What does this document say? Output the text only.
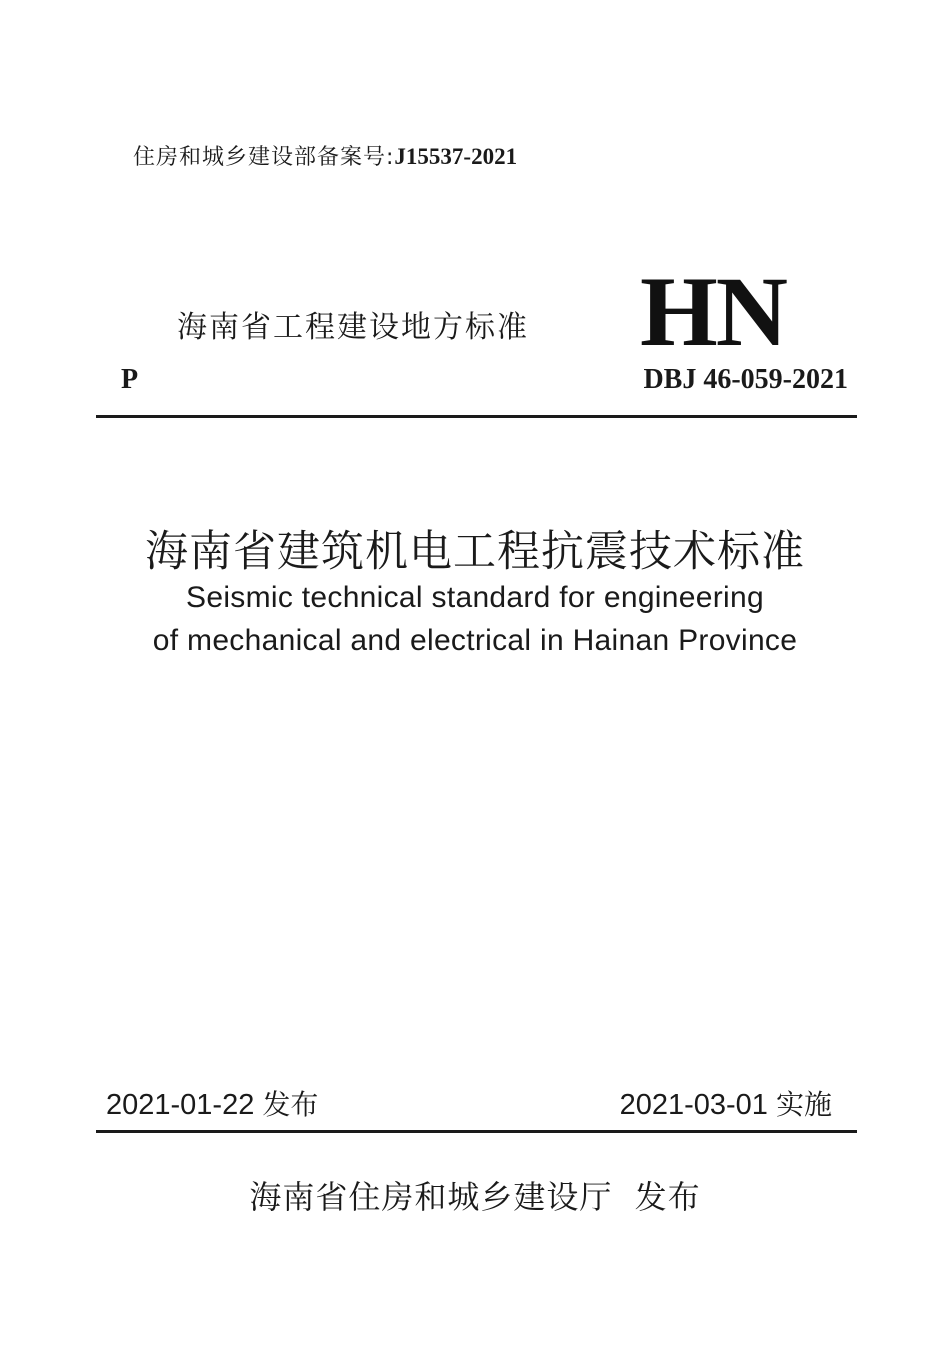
住房和城乡建设部备案号:J15537-2021
海南省工程建设地方标准 HN
P	DBJ 46-059-2021
海南省建筑机电工程抗震技术标准
Seismic technical standard for engineering
of mechanical and electrical in Hainan Province
2021-01-22 发布	2021-03-01 实施
海南省住房和城乡建设厅  发布
